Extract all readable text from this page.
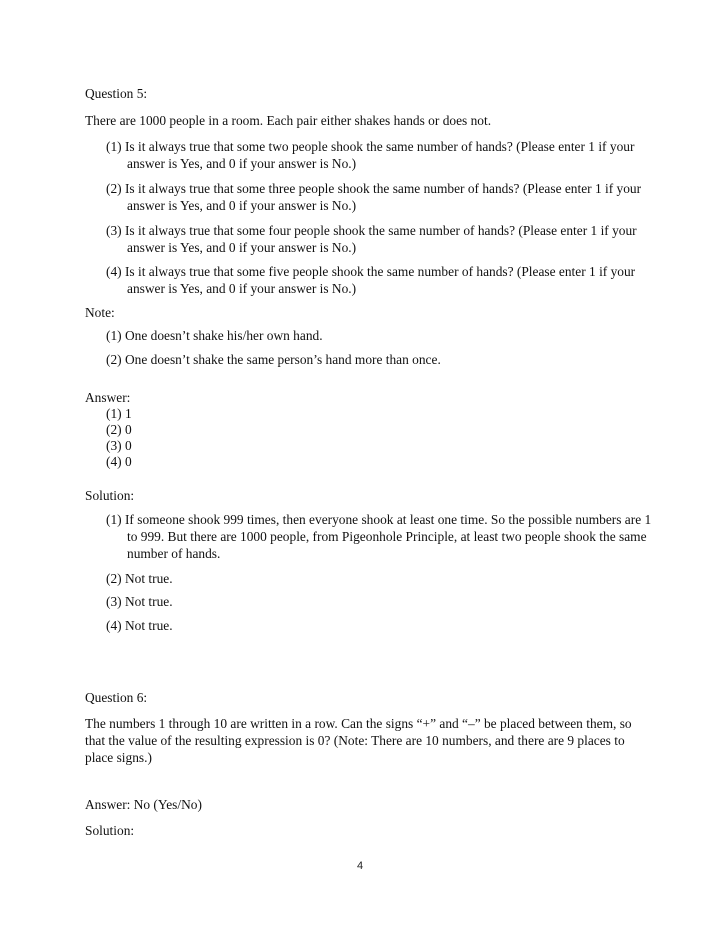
Question 5:

There are 1000 people in a room. Each pair either shakes hands or does not.

(1) Is it always true that some two people shook the same number of hands? (Please enter 1 if your answer is Yes, and 0 if your answer is No.)

(2) Is it always true that some three people shook the same number of hands? (Please enter 1 if your answer is Yes, and 0 if your answer is No.)

(3) Is it always true that some four people shook the same number of hands? (Please enter 1 if your answer is Yes, and 0 if your answer is No.)

(4) Is it always true that some five people shook the same number of hands? (Please enter 1 if your answer is Yes, and 0 if your answer is No.)

Note:

(1) One doesn’t shake his/her own hand.

(2) One doesn’t shake the same person’s hand more than once.

Answer:

(1) 1

(2) 0

(3) 0

(4) 0

Solution:

(1) If someone shook 999 times, then everyone shook at least one time. So the possible numbers are 1 to 999. But there are 1000 people, from Pigeonhole Principle, at least two people shook the same number of hands.

(2) Not true.

(3) Not true.

(4) Not true.

Question 6:

The numbers 1 through 10 are written in a row. Can the signs “+” and “–” be placed between them, so that the value of the resulting expression is 0? (Note: There are 10 numbers, and there are 9 places to place signs.)

Answer: No (Yes/No)

Solution:

4
